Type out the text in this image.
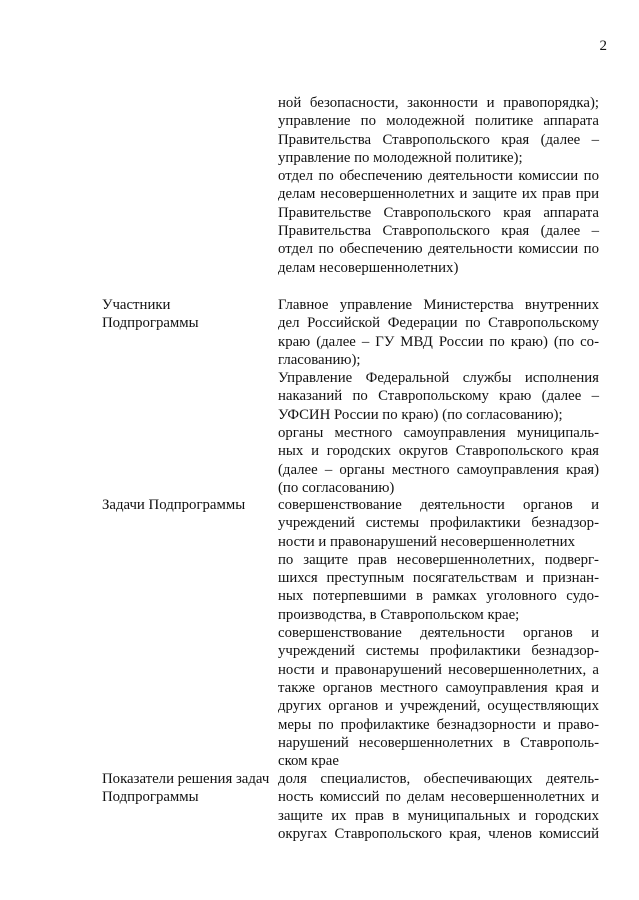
2
ной безопасности, законности и правопорядка);
управление по молодежной политике аппарата
Правительства Ставропольского края (далее –
управление по молодежной политике);
отдел по обеспечению деятельности комиссии по
делам несовершеннолетних и защите их прав при
Правительстве Ставропольского края аппарата
Правительства Ставропольского края (далее –
отдел по обеспечению деятельности комиссии по
делам несовершеннолетних)
Участники
Подпрограммы
Главное управление Министерства внутренних
дел Российской Федерации по Ставропольскому
краю (далее – ГУ МВД России по краю) (по со-
гласованию);
Управление Федеральной службы исполнения
наказаний по Ставропольскому краю (далее –
УФСИН России по краю) (по согласованию);
органы местного самоуправления муниципаль-
ных и городских округов Ставропольского края
(далее – органы местного самоуправления края)
(по согласованию)
Задачи Подпрограммы	совершенствование деятельности органов и
учреждений системы профилактики безнадзор-
ности и правонарушений несовершеннолетних
по защите прав несовершеннолетних, подверг-
шихся преступным посягательствам и признан-
ных потерпевшими в рамках уголовного судо-
производства, в Ставропольском крае;
совершенствование деятельности органов и
учреждений системы профилактики безнадзор-
ности и правонарушений несовершеннолетних, а
также органов местного самоуправления края и
других органов и учреждений, осуществляющих
меры по профилактике безнадзорности и право-
нарушений несовершеннолетних в Ставрополь-
ском крае
Показатели решения задач
Подпрограммы
доля специалистов, обеспечивающих деятель-
ность комиссий по делам несовершеннолетних и
защите их прав в муниципальных и городских
округах Ставропольского края, членов комиссий
